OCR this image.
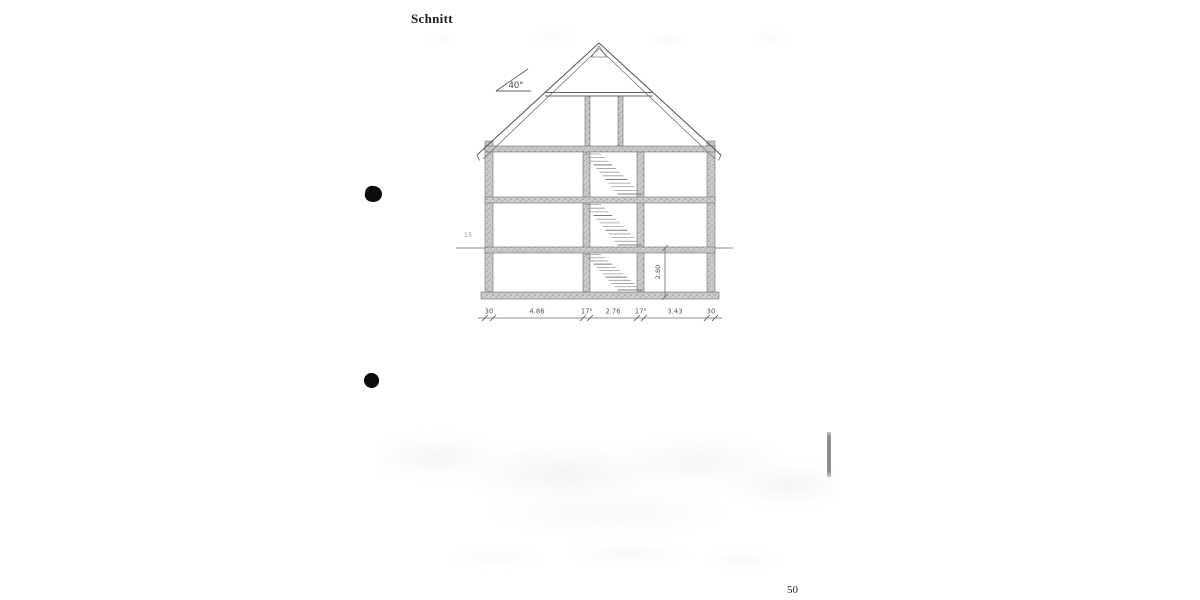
Schnitt
40°
15
2.80
30	4.86	17⁵ 2.76 17⁵	3.43	30
50
